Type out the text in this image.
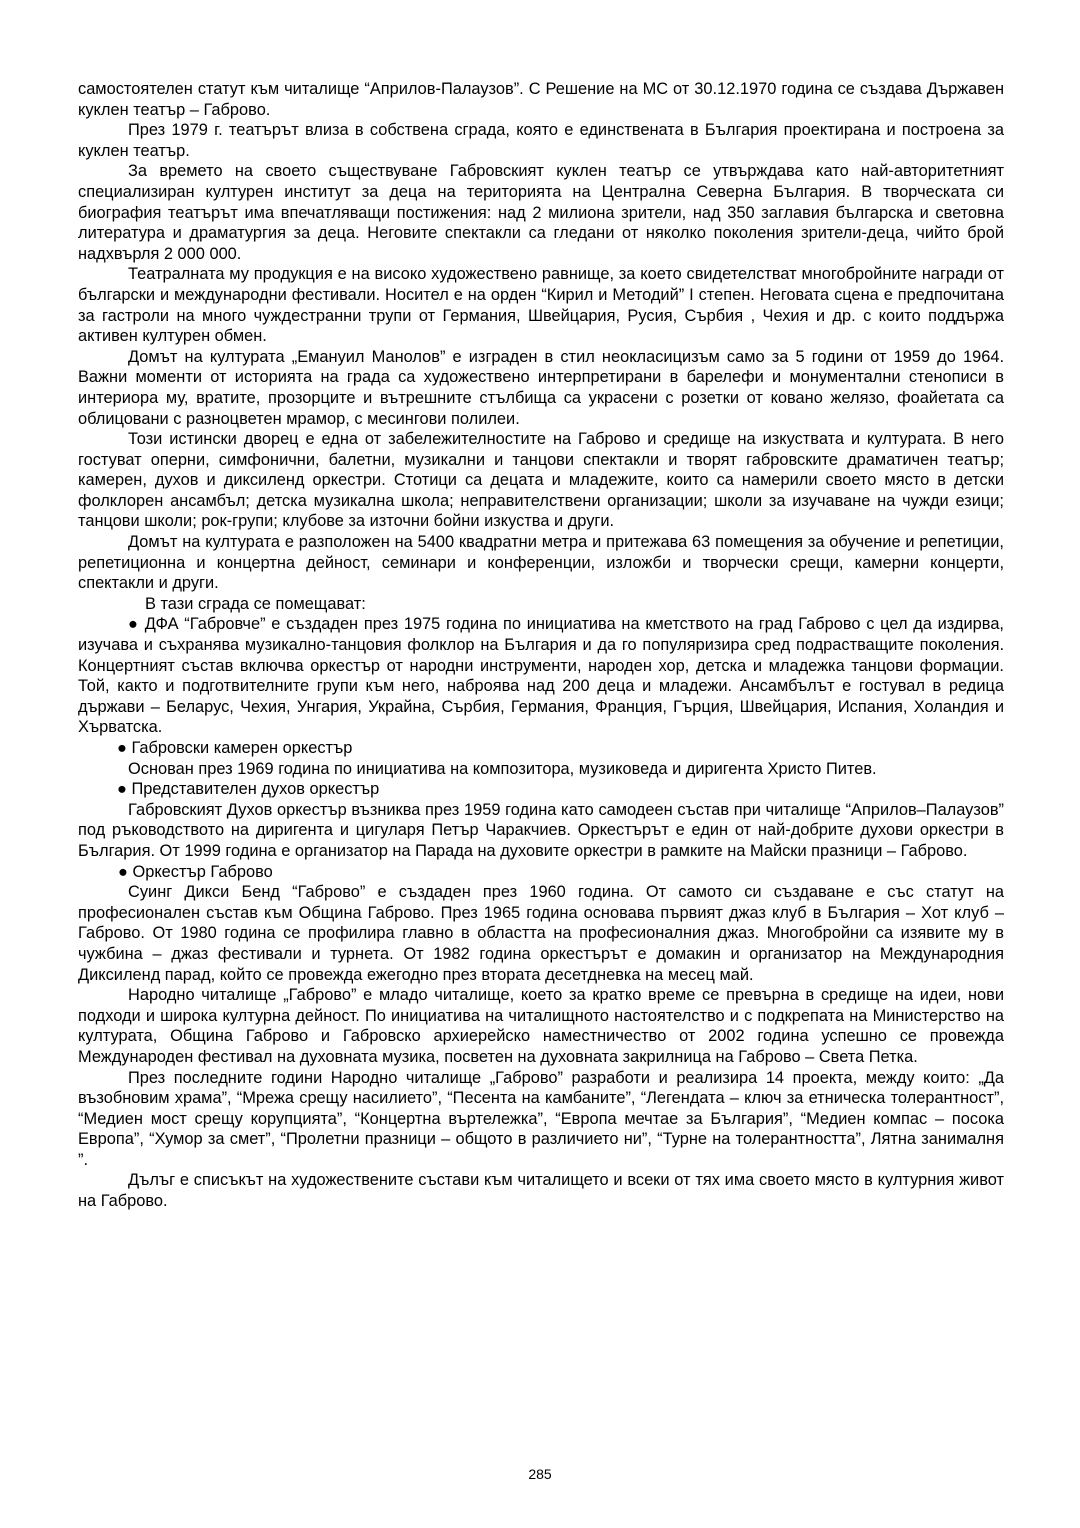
самостоятелен статут към читалище “Априлов-Палаузов”. С Решение на МС от 30.12.1970 година се създава Държавен куклен театър – Габрово.

През 1979 г. театърът влиза в собствена сграда, която е единствената в България проектирана и построена за куклен театър.

За времето на своето съществуване Габровският куклен театър се утвърждава като най-авторитетният специализиран културен институт за деца на територията на Централна Северна България. В творческата си биография театърът има впечатляващи постижения: над 2 милиона зрители, над 350 заглавия българска и световна литература и драматургия за деца. Неговите спектакли са гледани от няколко поколения зрители-деца, чийто брой надхвърля 2 000 000.

Театралната му продукция е на високо художествено равнище, за което свидетелстват многобройните награди от български и международни фестивали. Носител е на орден “Кирил и Методий” I степен. Неговата сцена е предпочитана за гастроли на много чуждестранни трупи от Германия, Швейцария, Русия, Сърбия , Чехия и др. с които поддържа активен културен обмен.

Домът на културата „Емануил Манолов” е изграден в стил неокласицизъм само за 5 години от 1959 до 1964. Важни моменти от историята на града са художествено интерпретирани в барелефи и монументални стенописи в интериора му, вратите, прозорците и вътрешните стълбища са украсени с розетки от ковано желязо, фоайетата са облицовани с разноцветен мрамор, с месингови полилеи.

Този истински дворец е една от забележителностите на Габрово и средище на изкуствата и културата. В него гостуват оперни, симфонични, балетни, музикални и танцови спектакли и творят габровските драматичен театър; камерен, духов и диксиленд оркестри. Стотици са децата и младежите, които са намерили своето място в детски фолклорен ансамбъл; детска музикална школа; неправителствени организации; школи за изучаване на чужди езици; танцови школи; рок-групи; клубове за източни бойни изкуства и други.

Домът на културата е разположен на 5400 квадратни метра и притежава 63 помещения за обучение и репетиции, репетиционна и концертна дейност, семинари и конференции, изложби и творчески срещи, камерни концерти, спектакли и други.

В тази сграда се помещават:

● ДФА “Габровче” е създаден през 1975 година по инициатива на кметството на град Габрово с цел да издирва, изучава и съхранява музикално-танцовия фолклор на България и да го популяризира сред подрастващите поколения. Концертният състав включва оркестър от народни инструменти, народен хор, детска и младежка танцови формации. Той, както и подготвителните групи към него, наброява над 200 деца и младежи. Ансамбълът е гостувал в редица държави – Беларус, Чехия, Унгария, Украйна, Сърбия, Германия, Франция, Гърция, Швейцария, Испания, Холандия и Хърватска.

● Габровски камерен оркестър

Основан през 1969 година по инициатива на композитора, музиковеда и диригента Христо Питев.

● Представителен духов оркестър

Габровският Духов оркестър възниква през 1959 година като самодеен състав при читалище “Априлов–Палаузов” под ръководството на диригента и цигуларя Петър Чаракчиев. Оркестърът е един от най-добрите духови оркестри в България. От 1999 година е организатор на Парада на духовите оркестри в рамките на Майски празници – Габрово.

● Оркестър Габрово

Суинг Дикси Бенд “Габрово” е създаден през 1960 година. От самото си създаване е със статут на професионален състав към Община Габрово. През 1965 година основава първият джаз клуб в България – Хот клуб – Габрово. От 1980 година се профилира главно в областта на професионалния джаз. Многобройни са изявите му в чужбина – джаз фестивали и турнета. От 1982 година оркестърът е домакин и организатор на Международния Диксиленд парад, който се провежда ежегодно през втората десетдневка на месец май.

Народно читалище „Габрово” е младо читалище, което за кратко време се превърна в средище на идеи, нови подходи и широка културна дейност. По инициатива на читалищното настоятелство и с подкрепата на Министерство на културата, Община Габрово и Габровско архиерейско наместничество от 2002 година успешно се провежда Международен фестивал на духовната музика, посветен на духовната закрилница на Габрово – Света Петка.

През последните години Народно читалище „Габрово” разработи и реализира 14 проекта, между които: „Да възобновим храма”, “Мрежа срещу насилието”, “Песента на камбаните”, “Легендата – ключ за етническа толерантност”, “Медиен мост срещу корупцията”, “Концертна въртележка”, “Европа мечтае за България”, “Медиен компас – посока Европа”, “Хумор за смет”, “Пролетни празници – общото в различието ни”, “Турне на толерантността”, Лятна занималня ”.

Дълъг е списъкът на художествените състави към читалището и всеки от тях има своето място в културния живот на Габрово.

285
